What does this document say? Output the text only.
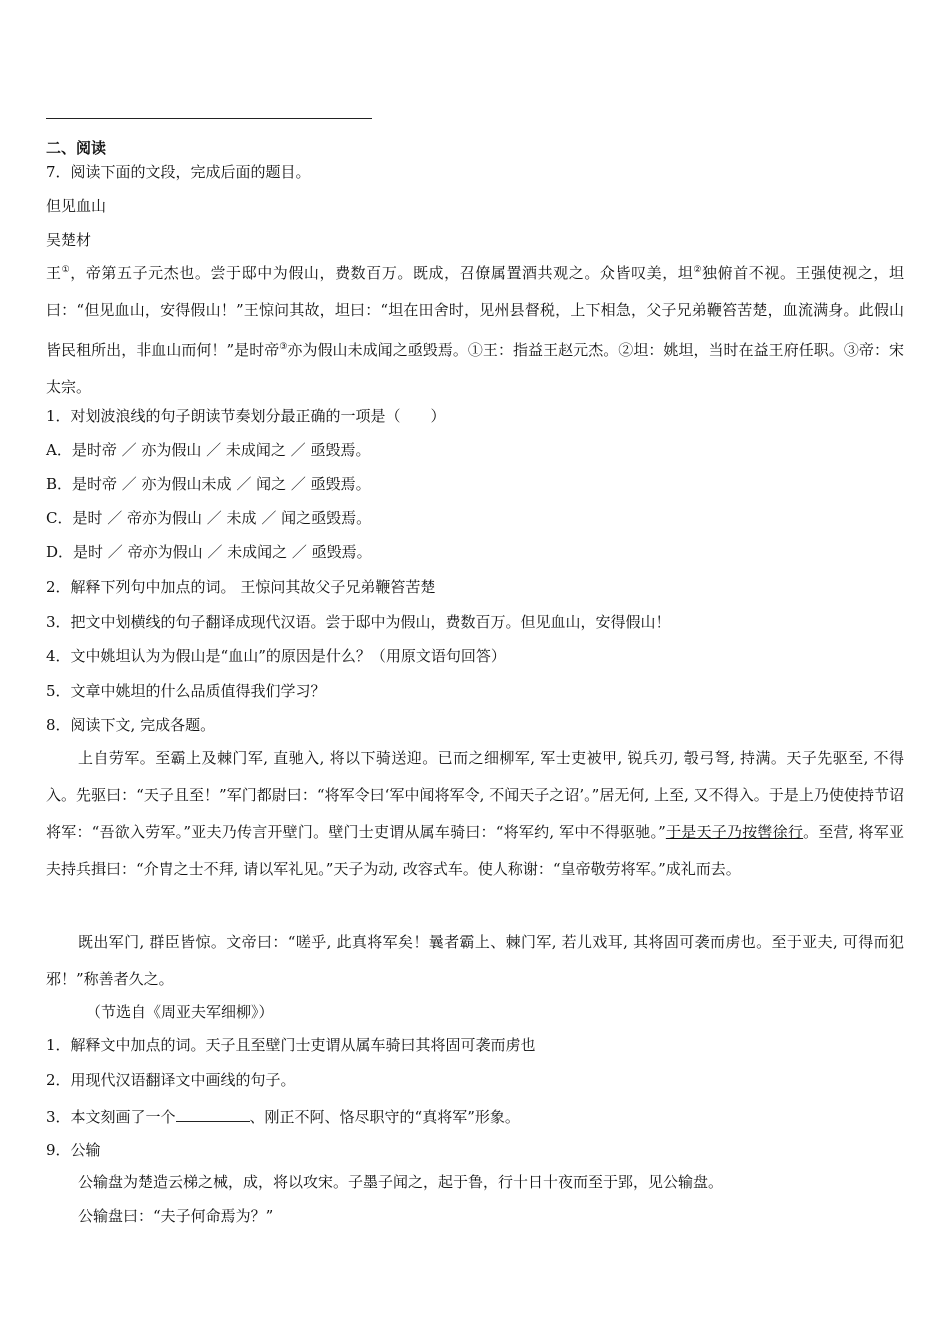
二、阅读
7．阅读下面的文段，完成后面的题目。
但见血山
吴楚材
王①，帝第五子元杰也。尝于邸中为假山，费数百万。既成，召僚属置酒共观之。众皆叹美，坦②独俯首不视。王强使视之，坦曰：“但见血山，安得假山！”王惊问其故，坦曰：“坦在田舍时，见州县督税，上下相急，父子兄弟鞭笞苦楚，血流满身。此假山皆民租所出，非血山而何！”是时帝③亦为假山未成闻之亟毁焉。①王：指益王赵元杰。②坦：姚坦，当时在益王府任职。③帝：宋太宗。
1．对划波浪线的句子朗读节奏划分最正确的一项是（　　）
A．是时帝 ／ 亦为假山 ／ 未成闻之 ／ 亟毁焉。
B．是时帝 ／ 亦为假山未成 ／ 闻之 ／ 亟毁焉。
C．是时 ／ 帝亦为假山 ／ 未成 ／ 闻之亟毁焉。
D．是时 ／ 帝亦为假山 ／ 未成闻之 ／ 亟毁焉。
2．解释下列句中加点的词。 王惊问其故父子兄弟鞭笞苦楚
3．把文中划横线的句子翻译成现代汉语。尝于邸中为假山，费数百万。但见血山，安得假山！
4．文中姚坦认为为假山是“血山”的原因是什么？（用原文语句回答）
5．文章中姚坦的什么品质值得我们学习？
8．阅读下文, 完成各题。
上自劳军。至霸上及棘门军, 直驰入, 将以下骑送迎。已而之细柳军, 军士吏被甲, 锐兵刃, 彀弓弩, 持满。天子先驱至, 不得入。先驱曰：“天子且至！”军门都尉曰：“将军令曰‘军中闻将军令, 不闻天子之诏’。”居无何, 上至, 又不得入。于是上乃使使持节诏将军：“吾欲入劳军。”亚夫乃传言开壁门。壁门士吏谓从属车骑曰：“将军约, 军中不得驱驰。”于是天子乃按辔徐行。至营, 将军亚夫持兵揖曰：“介胄之士不拜, 请以军礼见。”天子为动, 改容式车。使人称谢：“皇帝敬劳将军。”成礼而去。
既出军门, 群臣皆惊。文帝曰：“嗟乎, 此真将军矣！曩者霸上、棘门军, 若儿戏耳, 其将固可袭而虏也。至于亚夫, 可得而犯邪！”称善者久之。
（节选自《周亚夫军细柳》）
1．解释文中加点的词。天子且至壁门士吏谓从属车骑曰其将固可袭而虏也
2．用现代汉语翻译文中画线的句子。
3．本文刻画了一个	、刚正不阿、恪尽职守的“真将军”形象。
9．公输
公输盘为楚造云梯之械，成，将以攻宋。子墨子闻之，起于鲁，行十日十夜而至于郢，见公输盘。
公输盘曰：“夫子何命焉为？”
